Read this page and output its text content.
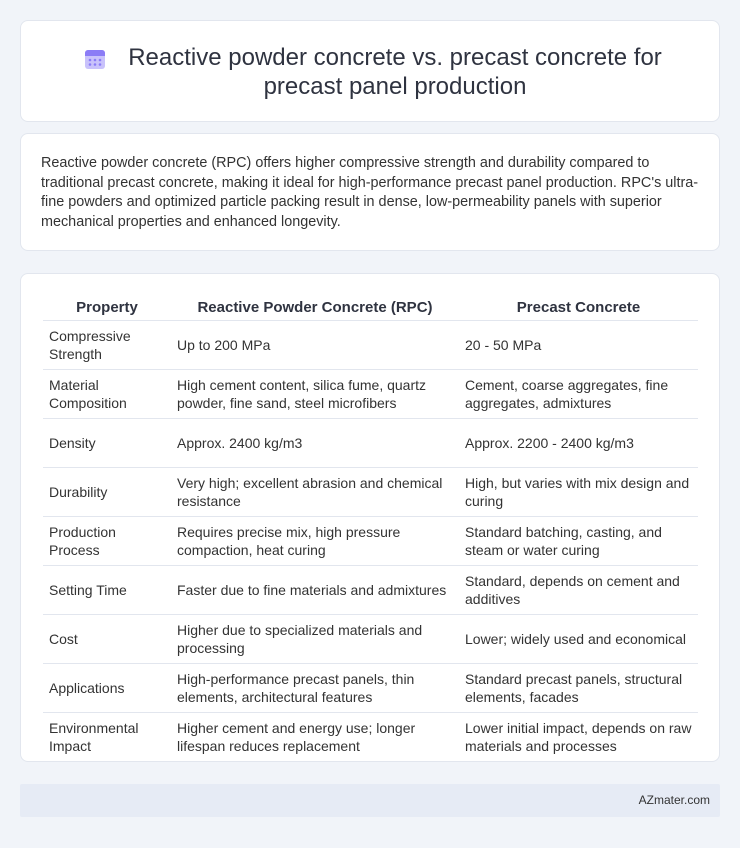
Reactive powder concrete vs. precast concrete for precast panel production

Reactive powder concrete (RPC) offers higher compressive strength and durability compared to traditional precast concrete, making it ideal for high-performance precast panel production. RPC's ultra-fine powders and optimized particle packing result in dense, low-permeability panels with superior mechanical properties and enhanced longevity.

Property	Reactive Powder Concrete (RPC)	Precast Concrete
Compressive Strength	Up to 200 MPa	20 - 50 MPa
Material Composition	High cement content, silica fume, quartz powder, fine sand, steel microfibers	Cement, coarse aggregates, fine aggregates, admixtures
Density	Approx. 2400 kg/m3	Approx. 2200 - 2400 kg/m3
Durability	Very high; excellent abrasion and chemical resistance	High, but varies with mix design and curing
Production Process	Requires precise mix, high pressure compaction, heat curing	Standard batching, casting, and steam or water curing
Setting Time	Faster due to fine materials and admixtures	Standard, depends on cement and additives
Cost	Higher due to specialized materials and processing	Lower; widely used and economical
Applications	High-performance precast panels, thin elements, architectural features	Standard precast panels, structural elements, facades
Environmental Impact	Higher cement and energy use; longer lifespan reduces replacement	Lower initial impact, depends on raw materials and processes
AZmater.com
